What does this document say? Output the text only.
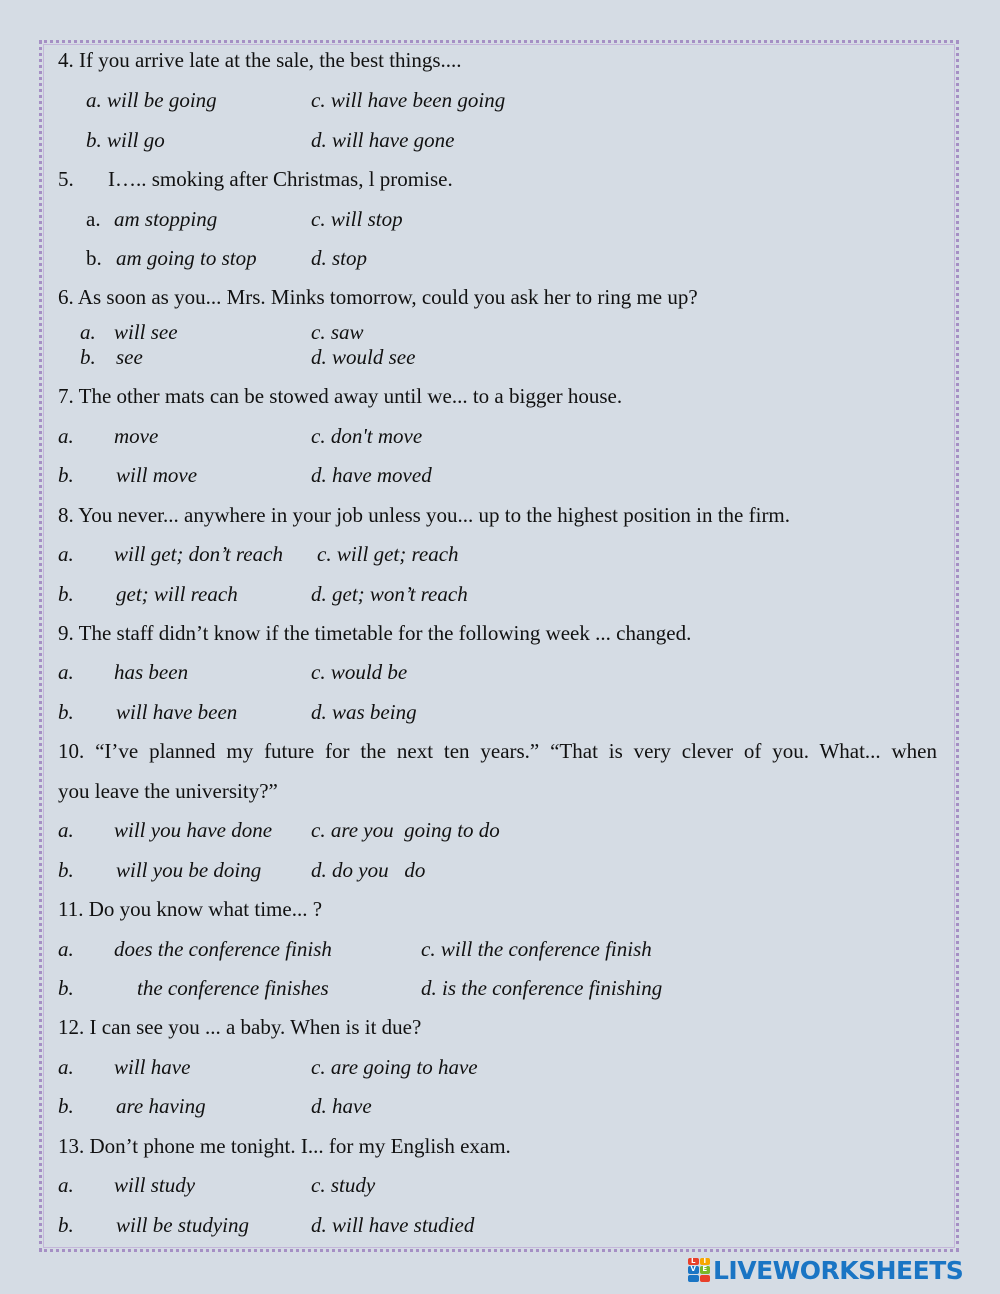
4. If you arrive late at the sale, the best things....
a. will be going	c. will have been going
b. will go	d. will have gone
5. I….. smoking after Christmas, l promise.
a. am stopping	c. will stop
b. am going to stop	d. stop
6. As soon as you... Mrs. Minks tomorrow, could you ask her to ring me up?
a. will see	c. saw
b. see	d. would see
7. The other mats can be stowed away until we... to a bigger house.
a. move	c. don't move
b. will move	d. have moved
8. You never... anywhere in your job unless you... up to the highest position in the firm.
a. will get; don’t reach c. will get; reach
b. get; will reach	d. get; won’t reach
9. The staff didn’t know if the timetable for the following week ... changed.
a. has been	c. would be
b. will have been	d. was being
10. “I’ve planned my future for the next ten years.” “That is very clever of you. What... when
you leave the university?”
a. will you have done c. are you  going to do
b. will you be doing d. do you   do
11. Do you know what time... ?
a. does the conference finish	c. will the conference finish
b.	the conference finishes	d. is the conference finishing
12. I can see you ... a baby. When is it due?
a. will have	c. are going to have
b. are having	d. have
13. Don’t phone me tonight. I... for my English exam.
a. will study	c. study
b. will be studying	d. will have studied
L	I
V E LIVEWORKSHEETS
